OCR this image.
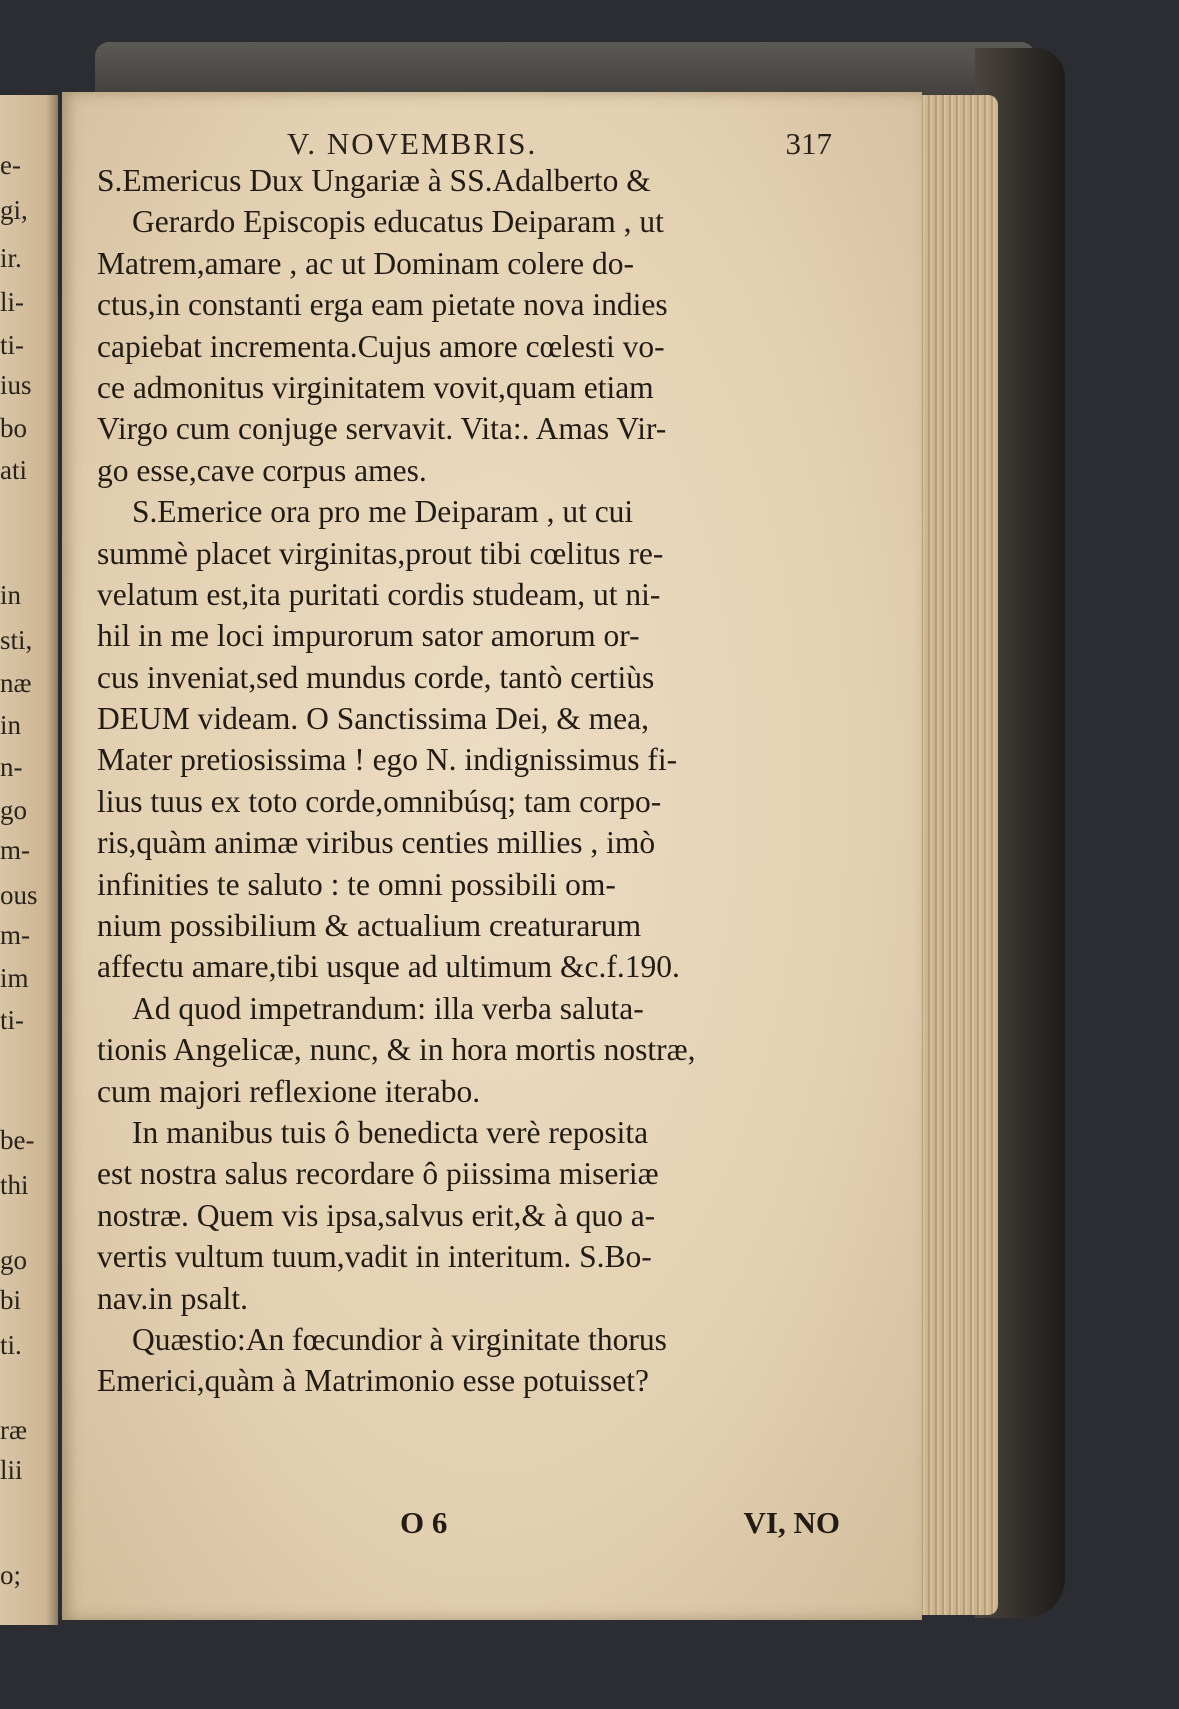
e-
gi,
ir.
li-
ti-
ius
bo
ati
in
sti,
næ
in
n-
go
m-
ous
m-
im
ti-
be-
thi
go
bi
ti.
ræ
lii
o;
V. NOVEMBRIS.	317
S.Emericus Dux Ungariæ à SS.Adalberto &
Gerardo Episcopis educatus Deiparam , ut
Matrem,amare , ac ut Dominam colere do-
ctus,in constanti erga eam pietate nova indies
capiebat incrementa.Cujus amore cœlesti vo-
ce admonitus virginitatem vovit,quam etiam
Virgo cum conjuge servavit. Vita:. Amas Vir-
go esse,cave corpus ames.
S.Emerice ora pro me Deiparam , ut cui
summè placet virginitas,prout tibi cœlitus re-
velatum est,ita puritati cordis studeam, ut ni-
hil in me loci impurorum sator amorum or-
cus inveniat,sed mundus corde, tantò certiùs
DEUM videam. O Sanctissima Dei, & mea,
Mater pretiosissima ! ego N. indignissimus fi-
lius tuus ex toto corde,omnibúsq; tam corpo-
ris,quàm animæ viribus centies millies , imò
infinities te saluto : te omni possibili om-
nium possibilium & actualium creaturarum
affectu amare,tibi usque ad ultimum &c.f.190.
Ad quod impetrandum: illa verba saluta-
tionis Angelicæ, nunc, & in hora mortis nostræ,
cum majori reflexione iterabo.
In manibus tuis ô benedicta verè reposita
est nostra salus recordare ô piissima miseriæ
nostræ. Quem vis ipsa,salvus erit,& à quo a-
vertis vultum tuum,vadit in interitum. S.Bo-
nav.in psalt.
Quæstio:An fœcundior à virginitate thorus
Emerici,quàm à Matrimonio esse potuisset?
O 6	VI, NO
